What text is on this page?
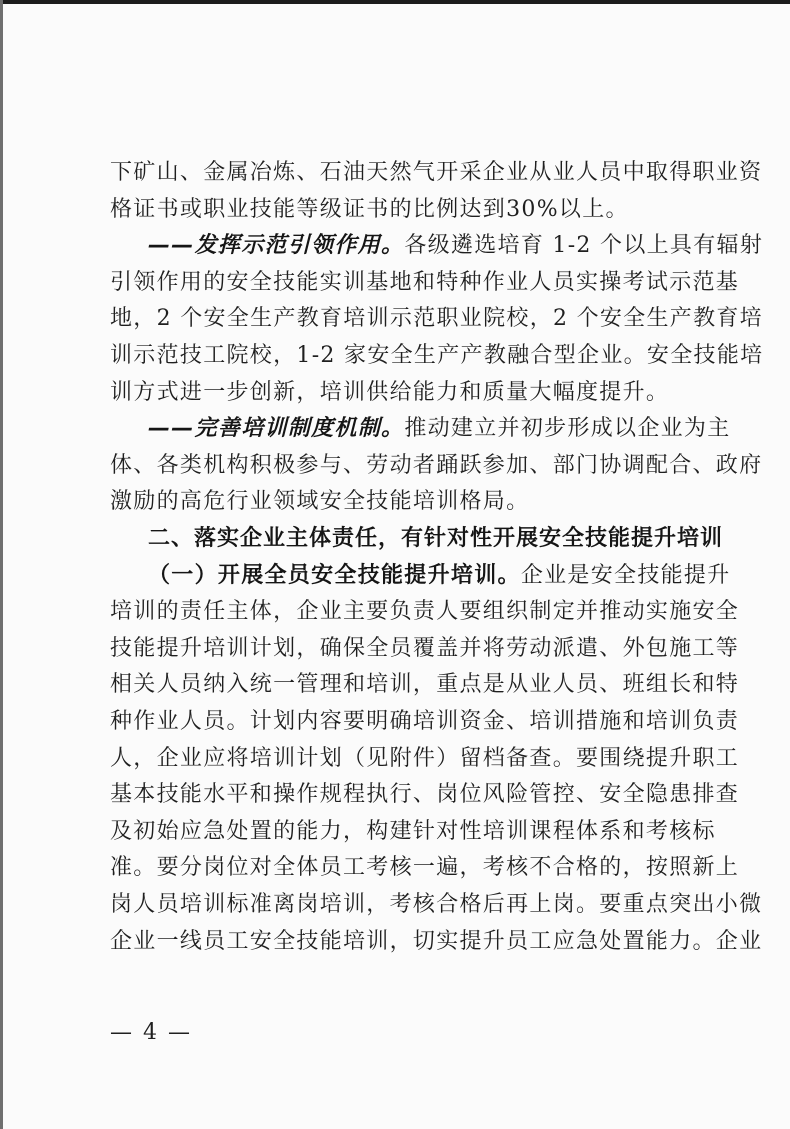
下矿山、金属冶炼、石油天然气开采企业从业人员中取得职业资
格证书或职业技能等级证书的比例达到30%以上。
——发挥示范引领作用。各级遴选培育 1-2 个以上具有辐射
引领作用的安全技能实训基地和特种作业人员实操考试示范基
地，2 个安全生产教育培训示范职业院校，2 个安全生产教育培
训示范技工院校，1-2 家安全生产产教融合型企业。安全技能培
训方式进一步创新，培训供给能力和质量大幅度提升。
——完善培训制度机制。推动建立并初步形成以企业为主
体、各类机构积极参与、劳动者踊跃参加、部门协调配合、政府
激励的高危行业领域安全技能培训格局。
二、落实企业主体责任，有针对性开展安全技能提升培训
（一）开展全员安全技能提升培训。企业是安全技能提升
培训的责任主体，企业主要负责人要组织制定并推动实施安全
技能提升培训计划，确保全员覆盖并将劳动派遣、外包施工等
相关人员纳入统一管理和培训，重点是从业人员、班组长和特
种作业人员。计划内容要明确培训资金、培训措施和培训负责
人，企业应将培训计划（见附件）留档备查。要围绕提升职工
基本技能水平和操作规程执行、岗位风险管控、安全隐患排查
及初始应急处置的能力，构建针对性培训课程体系和考核标
准。要分岗位对全体员工考核一遍，考核不合格的，按照新上
岗人员培训标准离岗培训，考核合格后再上岗。要重点突出小微
企业一线员工安全技能培训，切实提升员工应急处置能力。企业
— 4 —
